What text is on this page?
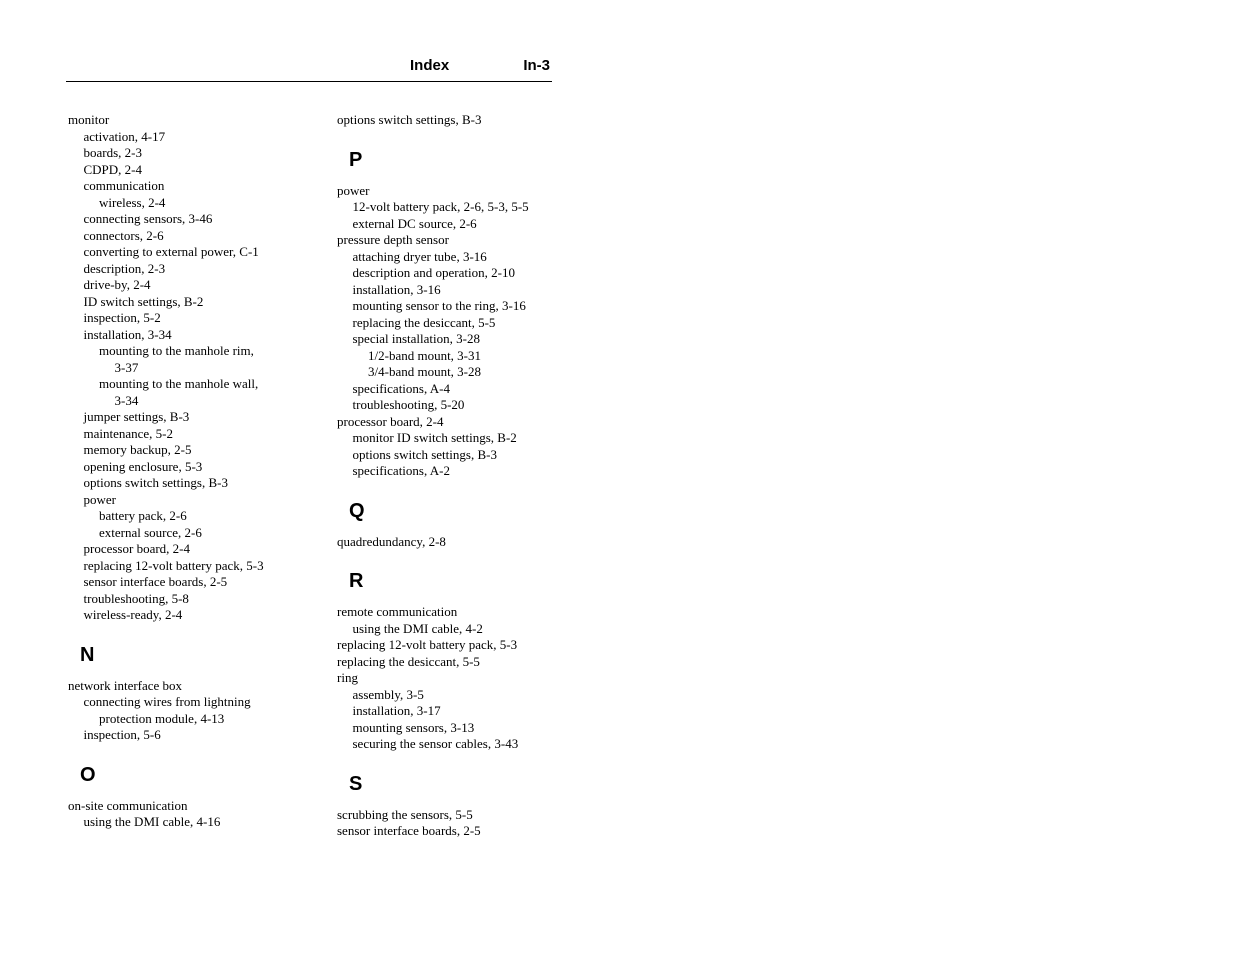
Index	In-3
monitor
activation, 4-17
boards, 2-3
CDPD, 2-4
communication
wireless, 2-4
connecting sensors, 3-46
connectors, 2-6
converting to external power, C-1
description, 2-3
drive-by, 2-4
ID switch settings, B-2
inspection, 5-2
installation, 3-34
mounting to the manhole rim,
3-37
mounting to the manhole wall,
3-34
jumper settings, B-3
maintenance, 5-2
memory backup, 2-5
opening enclosure, 5-3
options switch settings, B-3
power
battery pack, 2-6
external source, 2-6
processor board, 2-4
replacing 12-volt battery pack, 5-3
sensor interface boards, 2-5
troubleshooting, 5-8
wireless-ready, 2-4
N
network interface box
connecting wires from lightning
protection module, 4-13
inspection, 5-6
O
on-site communication
using the DMI cable, 4-16
options switch settings, B-3
P
power
12-volt battery pack, 2-6, 5-3, 5-5
external DC source, 2-6
pressure depth sensor
attaching dryer tube, 3-16
description and operation, 2-10
installation, 3-16
mounting sensor to the ring, 3-16
replacing the desiccant, 5-5
special installation, 3-28
1/2-band mount, 3-31
3/4-band mount, 3-28
specifications, A-4
troubleshooting, 5-20
processor board, 2-4
monitor ID switch settings, B-2
options switch settings, B-3
specifications, A-2
Q
quadredundancy, 2-8
R
remote communication
using the DMI cable, 4-2
replacing 12-volt battery pack, 5-3
replacing the desiccant, 5-5
ring
assembly, 3-5
installation, 3-17
mounting sensors, 3-13
securing the sensor cables, 3-43
S
scrubbing the sensors, 5-5
sensor interface boards, 2-5
